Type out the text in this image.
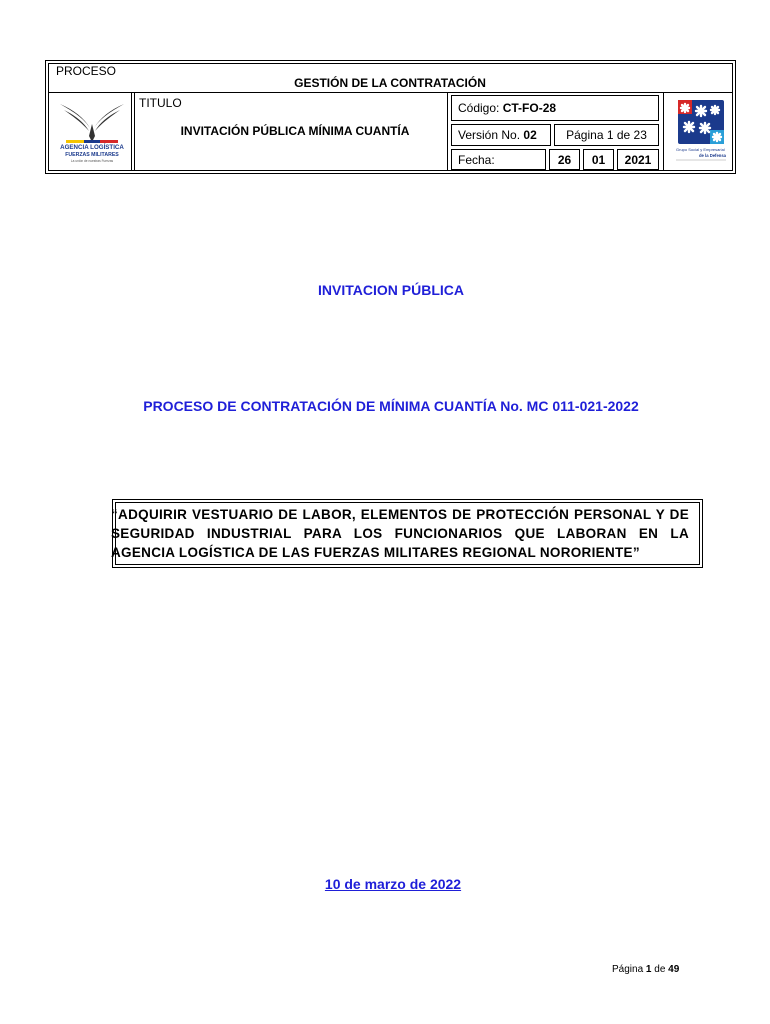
PROCESO
GESTIÓN DE LA CONTRATACIÓN
TITULO
INVITACIÓN PÚBLICA MÍNIMA CUANTÍA
Código:
CT-FO-28
Versión No.
02	Página 1 de 23
Fecha:	26	01	2021
AGENCIA LOGÍSTICA
FUERZAS MILITARES
La unión de nuestras Fuerzas
Grupo Social y Empresarial
de la Defensa
INVITACION PÚBLICA
PROCESO DE CONTRATACIÓN DE MÍNIMA CUANTÍA No. MC 011-021-2022
“ADQUIRIR VESTUARIO DE LABOR, ELEMENTOS DE PROTECCIÓN PERSONAL Y DE SEGURIDAD INDUSTRIAL PARA LOS FUNCIONARIOS QUE LABORAN EN LA AGENCIA LOGÍSTICA DE LAS FUERZAS MILITARES REGIONAL NORORIENTE”
10 de marzo de 2022
Página 1 de 49
